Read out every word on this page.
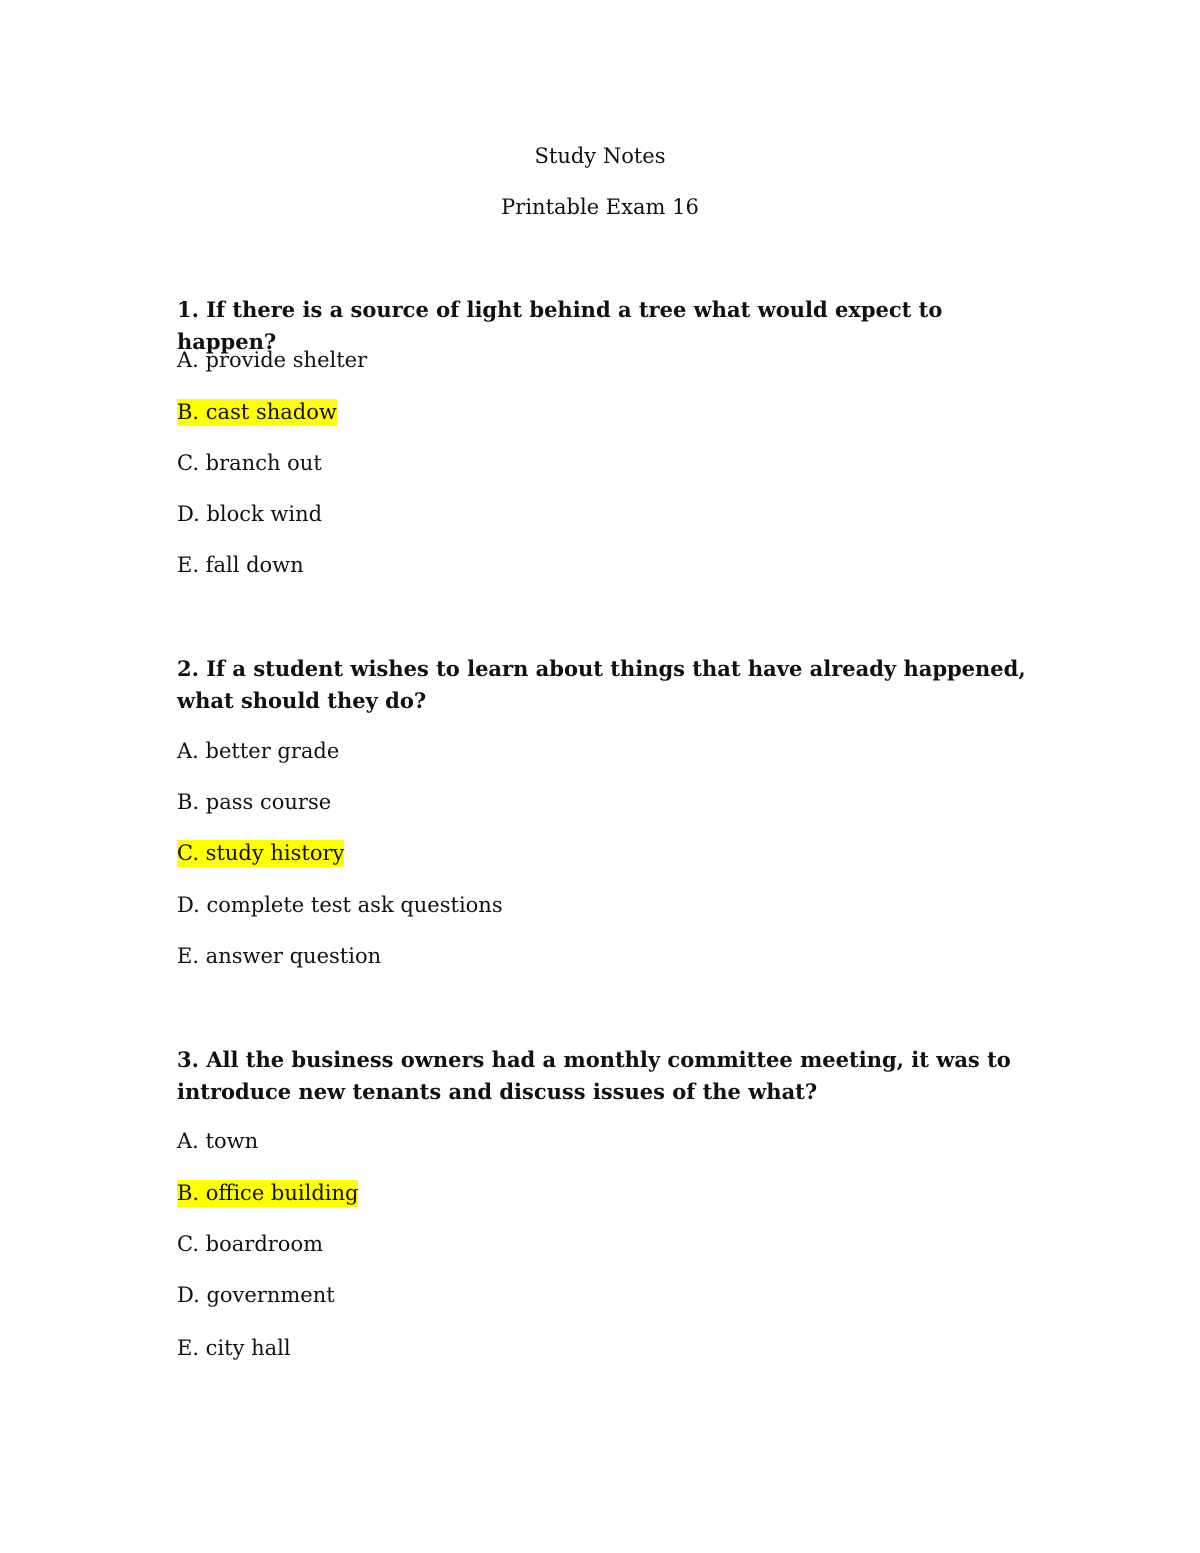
Study Notes

Printable Exam 16

1. If there is a source of light behind a tree what would expect to happen?

A. provide shelter

B. cast shadow

C. branch out

D. block wind

E. fall down

2. If a student wishes to learn about things that have already happened, what should they do?

A. better grade

B. pass course

C. study history

D. complete test ask questions

E. answer question

3. All the business owners had a monthly committee meeting, it was to introduce new tenants and discuss issues of the what?

A. town

B. office building

C. boardroom

D. government

E. city hall
